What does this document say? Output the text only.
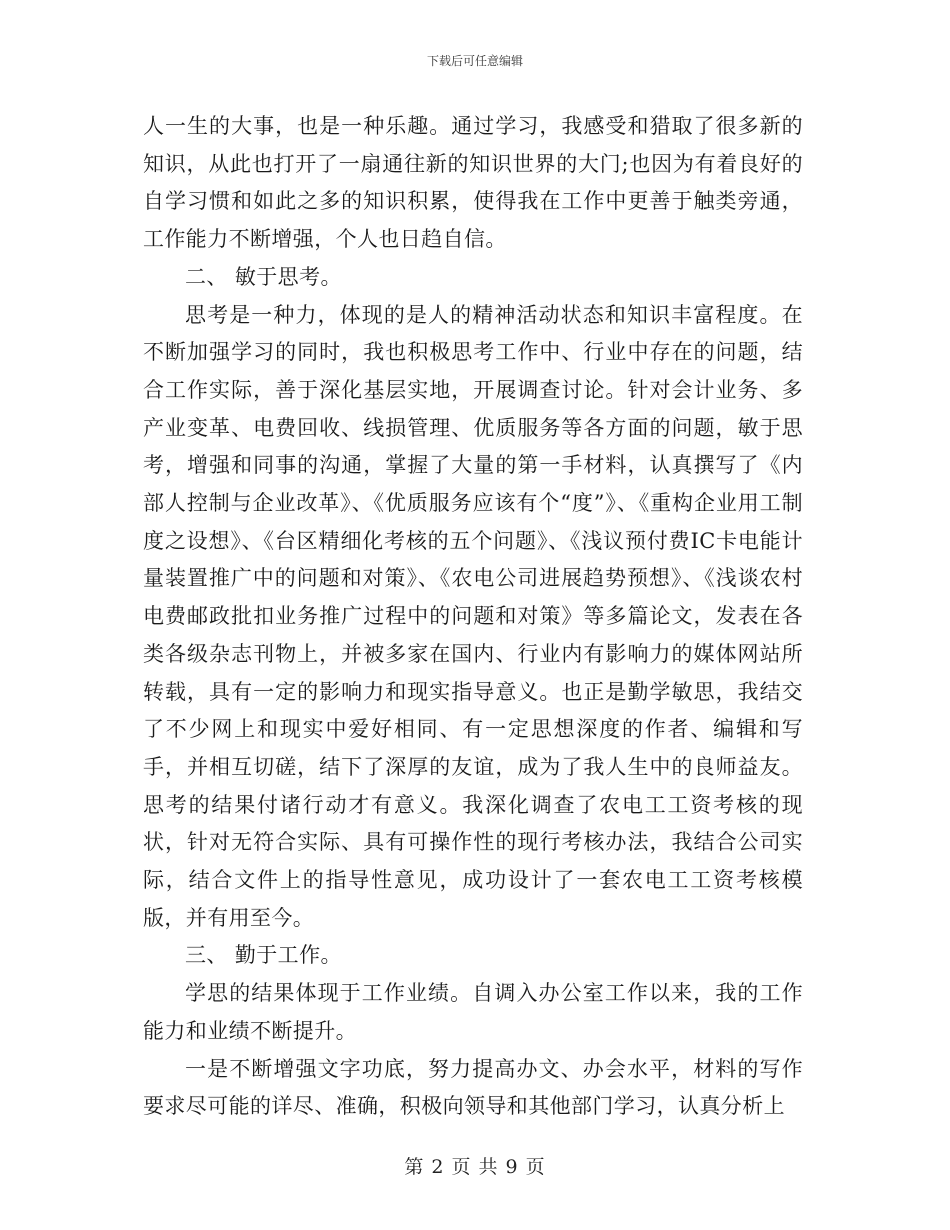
下载后可任意编辑

人一生的大事，也是一种乐趣。通过学习，我感受和猎取了很多新的知识，从此也打开了一扇通往新的知识世界的大门;也因为有着良好的自学习惯和如此之多的知识积累，使得我在工作中更善于触类旁通，工作能力不断增强，个人也日趋自信。

二、 敏于思考。

思考是一种力，体现的是人的精神活动状态和知识丰富程度。在不断加强学习的同时，我也积极思考工作中、行业中存在的问题，结合工作实际，善于深化基层实地，开展调查讨论。针对会计业务、多产业变革、电费回收、线损管理、优质服务等各方面的问题，敏于思考，增强和同事的沟通，掌握了大量的第一手材料，认真撰写了《内部人控制与企业改革》、《优质服务应该有个“度”》、《重构企业用工制度之设想》、《台区精细化考核的五个问题》、《浅议预付费IC卡电能计量装置推广中的问题和对策》、《农电公司进展趋势预想》、《浅谈农村电费邮政批扣业务推广过程中的问题和对策》等多篇论文，发表在各类各级杂志刊物上，并被多家在国内、行业内有影响力的媒体网站所转载，具有一定的影响力和现实指导意义。也正是勤学敏思，我结交了不少网上和现实中爱好相同、有一定思想深度的作者、编辑和写手，并相互切磋，结下了深厚的友谊，成为了我人生中的良师益友。思考的结果付诸行动才有意义。我深化调查了农电工工资考核的现状，针对无符合实际、具有可操作性的现行考核办法，我结合公司实际，结合文件上的指导性意见，成功设计了一套农电工工资考核模版，并有用至今。

三、 勤于工作。

学思的结果体现于工作业绩。自调入办公室工作以来，我的工作能力和业绩不断提升。

一是不断增强文字功底，努力提高办文、办会水平，材料的写作要求尽可能的详尽、准确，积极向领导和其他部门学习，认真分析上

第 2 页 共 9 页
